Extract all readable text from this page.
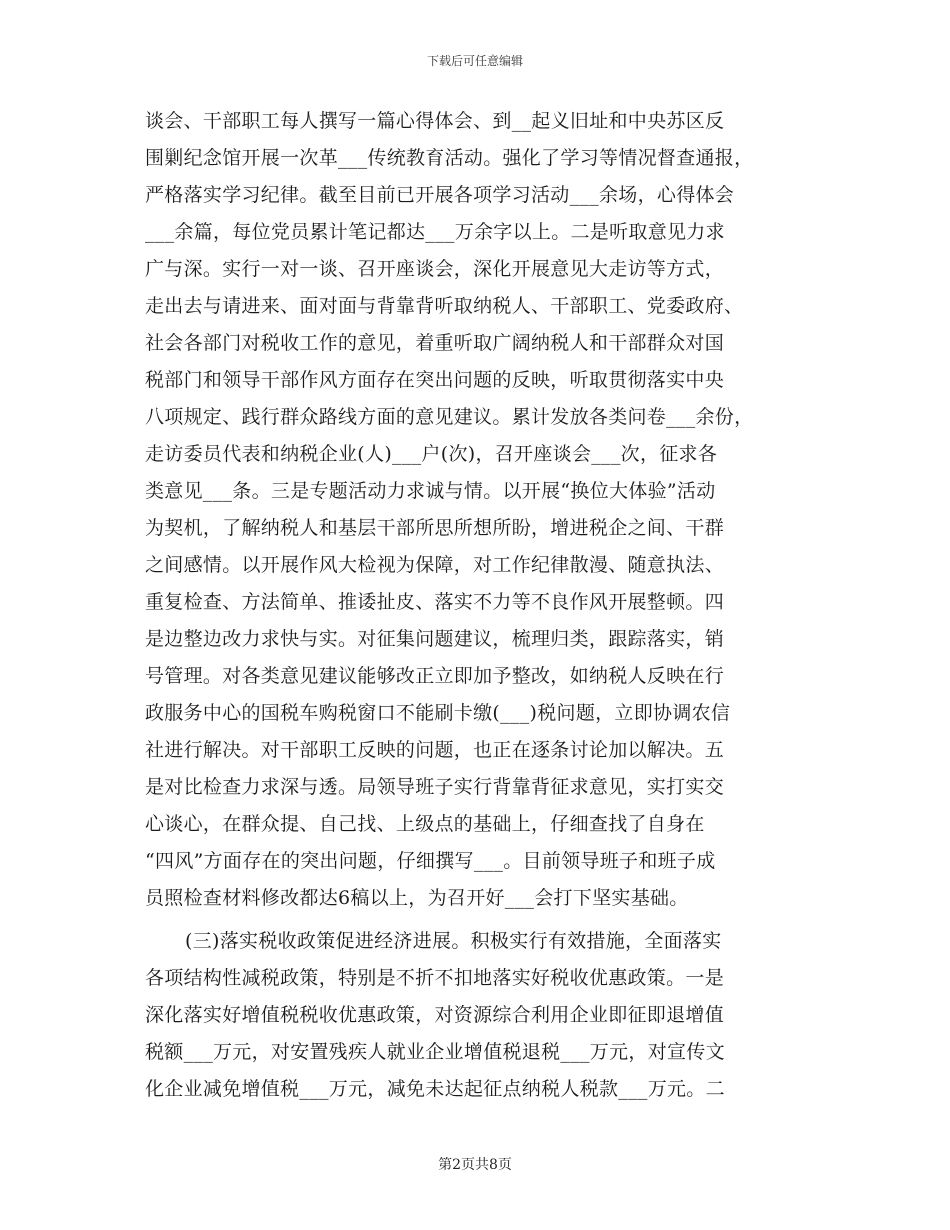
下载后可任意编辑
谈会、干部职工每人撰写一篇心得体会、到__起义旧址和中央苏区反
围剿纪念馆开展一次革___传统教育活动。强化了学习等情况督查通报，
严格落实学习纪律。截至目前已开展各项学习活动___余场，心得体会
___余篇，每位党员累计笔记都达___万余字以上。二是听取意见力求
广与深。实行一对一谈、召开座谈会，深化开展意见大走访等方式，
走出去与请进来、面对面与背靠背听取纳税人、干部职工、党委政府、
社会各部门对税收工作的意见，着重听取广阔纳税人和干部群众对国
税部门和领导干部作风方面存在突出问题的反映，听取贯彻落实中央
八项规定、践行群众路线方面的意见建议。累计发放各类问卷___余份，
走访委员代表和纳税企业(人)___户(次)，召开座谈会___次，征求各
类意见___条。三是专题活动力求诚与情。以开展“换位大体验”活动
为契机，了解纳税人和基层干部所思所想所盼，增进税企之间、干群
之间感情。以开展作风大检视为保障，对工作纪律散漫、随意执法、
重复检查、方法简单、推诿扯皮、落实不力等不良作风开展整顿。四
是边整边改力求快与实。对征集问题建议，梳理归类，跟踪落实，销
号管理。对各类意见建议能够改正立即加予整改，如纳税人反映在行
政服务中心的国税车购税窗口不能刷卡缴(___)税问题，立即协调农信
社进行解决。对干部职工反映的问题，也正在逐条讨论加以解决。五
是对比检查力求深与透。局领导班子实行背靠背征求意见，实打实交
心谈心，在群众提、自己找、上级点的基础上，仔细查找了自身在
“四风”方面存在的突出问题，仔细撰写___。目前领导班子和班子成
员照检查材料修改都达6稿以上，为召开好___会打下坚实基础。
(三)落实税收政策促进经济进展。积极实行有效措施，全面落实
各项结构性减税政策，特别是不折不扣地落实好税收优惠政策。一是
深化落实好增值税税收优惠政策，对资源综合利用企业即征即退增值
税额___万元，对安置残疾人就业企业增值税退税___万元，对宣传文
化企业减免增值税___万元，减免未达起征点纳税人税款___万元。二
第2页共8页
